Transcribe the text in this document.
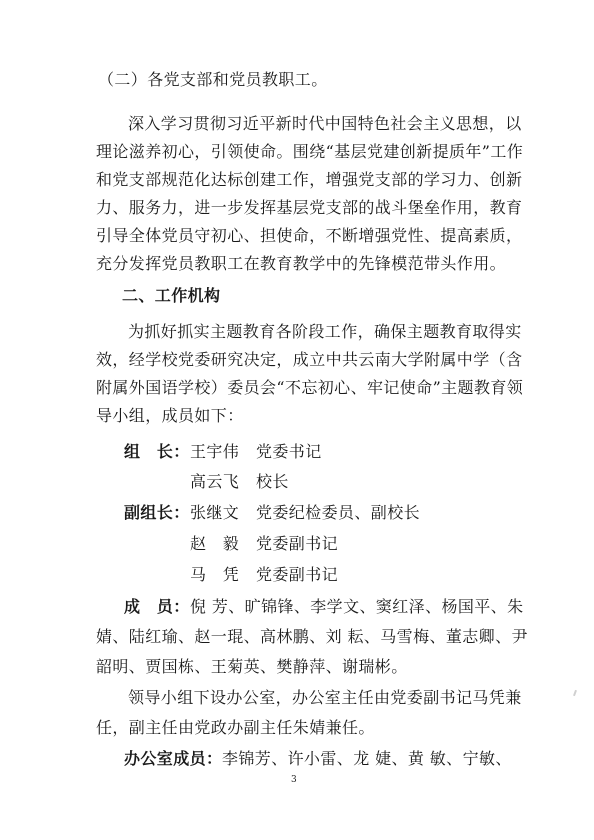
（二）各党支部和党员教职工。
深入学习贯彻习近平新时代中国特色社会主义思想，以
理论滋养初心，引领使命。围绕“基层党建创新提质年”工作
和党支部规范化达标创建工作，增强党支部的学习力、创新
力、服务力，进一步发挥基层党支部的战斗堡垒作用，教育
引导全体党员守初心、担使命，不断增强党性、提高素质，
充分发挥党员教职工在教育教学中的先锋模范带头作用。
二、工作机构
为抓好抓实主题教育各阶段工作，确保主题教育取得实
效，经学校党委研究决定，成立中共云南大学附属中学（含
附属外国语学校）委员会“不忘初心、牢记使命”主题教育领
导小组，成员如下：
组　长： 王宇伟 党委书记
高云飞 校长
副组长： 张继文 党委纪检委员、副校长
赵　毅 党委副书记
马　凭 党委副书记
成　员： 倪 芳、旷锦锋、李学文、窦红泽、杨国平、朱
婧、陆红瑜、赵一琨、高林鹏、刘 耘、马雪梅、董志卿、尹
韶明、贾国栋、王菊英、樊静萍、谢瑞彬。
领导小组下设办公室，办公室主任由党委副书记马凭兼
任，副主任由党政办副主任朱婧兼任。
办公室成员： 李锦芳、许小雷、龙 婕、黄 敏、宁敏、
3
